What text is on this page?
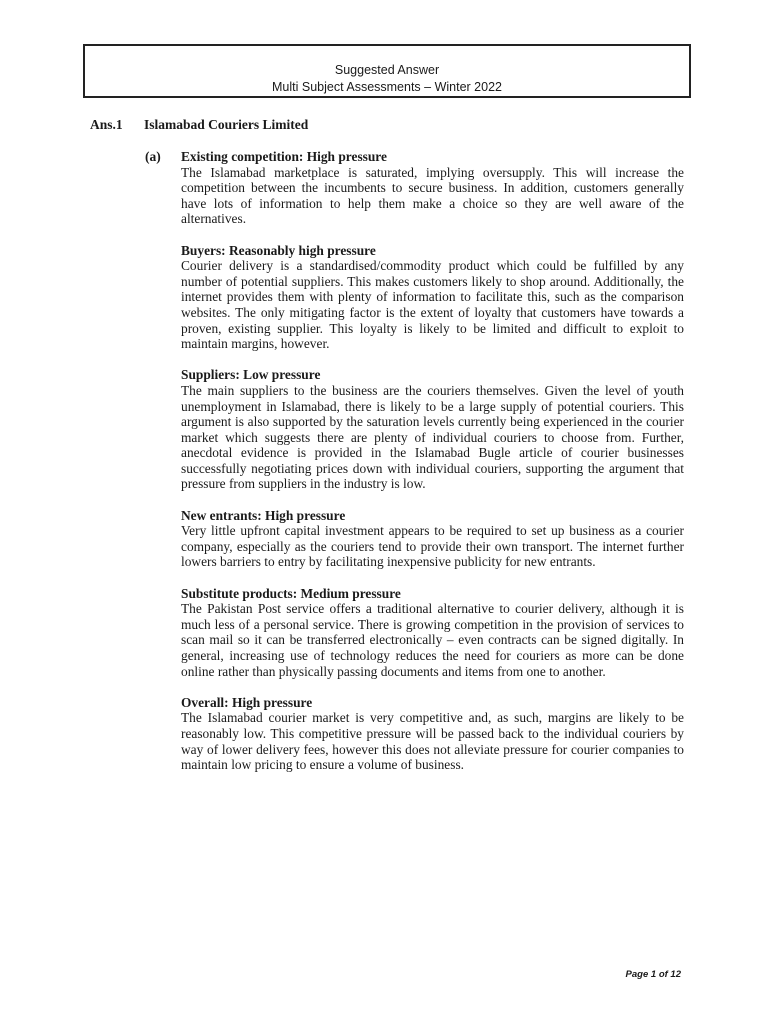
Suggested Answer
Multi Subject Assessments – Winter 2022
Ans.1 Islamabad Couriers Limited
(a) Existing competition: High pressure
The Islamabad marketplace is saturated, implying oversupply. This will increase the competition between the incumbents to secure business. In addition, customers generally have lots of information to help them make a choice so they are well aware of the alternatives.
Buyers: Reasonably high pressure
Courier delivery is a standardised/commodity product which could be fulfilled by any number of potential suppliers. This makes customers likely to shop around. Additionally, the internet provides them with plenty of information to facilitate this, such as the comparison websites. The only mitigating factor is the extent of loyalty that customers have towards a proven, existing supplier. This loyalty is likely to be limited and difficult to exploit to maintain margins, however.
Suppliers: Low pressure
The main suppliers to the business are the couriers themselves. Given the level of youth unemployment in Islamabad, there is likely to be a large supply of potential couriers. This argument is also supported by the saturation levels currently being experienced in the courier market which suggests there are plenty of individual couriers to choose from. Further, anecdotal evidence is provided in the Islamabad Bugle article of courier businesses successfully negotiating prices down with individual couriers, supporting the argument that pressure from suppliers in the industry is low.
New entrants: High pressure
Very little upfront capital investment appears to be required to set up business as a courier company, especially as the couriers tend to provide their own transport. The internet further lowers barriers to entry by facilitating inexpensive publicity for new entrants.
Substitute products: Medium pressure
The Pakistan Post service offers a traditional alternative to courier delivery, although it is much less of a personal service. There is growing competition in the provision of services to scan mail so it can be transferred electronically – even contracts can be signed digitally. In general, increasing use of technology reduces the need for couriers as more can be done online rather than physically passing documents and items from one to another.
Overall: High pressure
The Islamabad courier market is very competitive and, as such, margins are likely to be reasonably low. This competitive pressure will be passed back to the individual couriers by way of lower delivery fees, however this does not alleviate pressure for courier companies to maintain low pricing to ensure a volume of business.
Page 1 of 12
